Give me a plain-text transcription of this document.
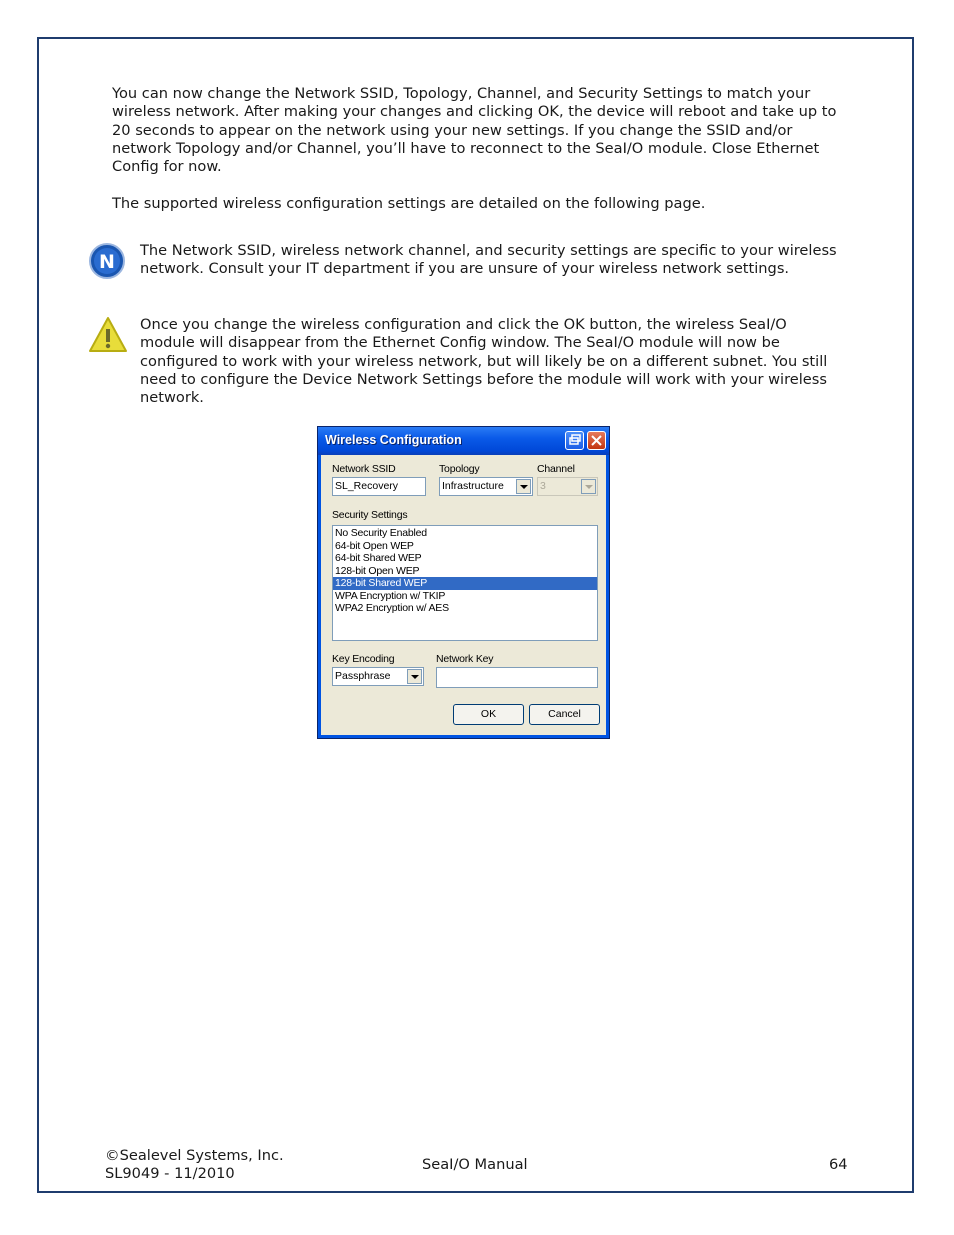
You can now change the Network SSID, Topology, Channel, and Security Settings to match your wireless network. After making your changes and clicking OK, the device will reboot and take up to 20 seconds to appear on the network using your new settings. If you change the SSID and/or network Topology and/or Channel, you’ll have to reconnect to the SeaI/O module. Close Ethernet Config for now.

The supported wireless configuration settings are detailed on the following page.

N

The Network SSID, wireless network channel, and security settings are specific to your wireless network. Consult your IT department if you are unsure of your wireless network settings.

Once you change the wireless configuration and click the OK button, the wireless SeaI/O module will disappear from the Ethernet Config window. The SeaI/O module will now be configured to work with your wireless network, but will likely be on a different subnet. You still need to configure the Device Network Settings before the module will work with your wireless network.

Wireless Configuration
Network SSID
SL_Recovery
Topology
Infrastructure
Channel
3
Security Settings
No Security Enabled
64-bit Open WEP
64-bit Shared WEP
128-bit Open WEP
128-bit Shared WEP
WPA Encryption w/ TKIP
WPA2 Encryption w/ AES
Key Encoding
Passphrase
Network Key
OK	Cancel
©Sealevel Systems, Inc.
SL9049 - 11/2010
SeaI/O Manual	64
